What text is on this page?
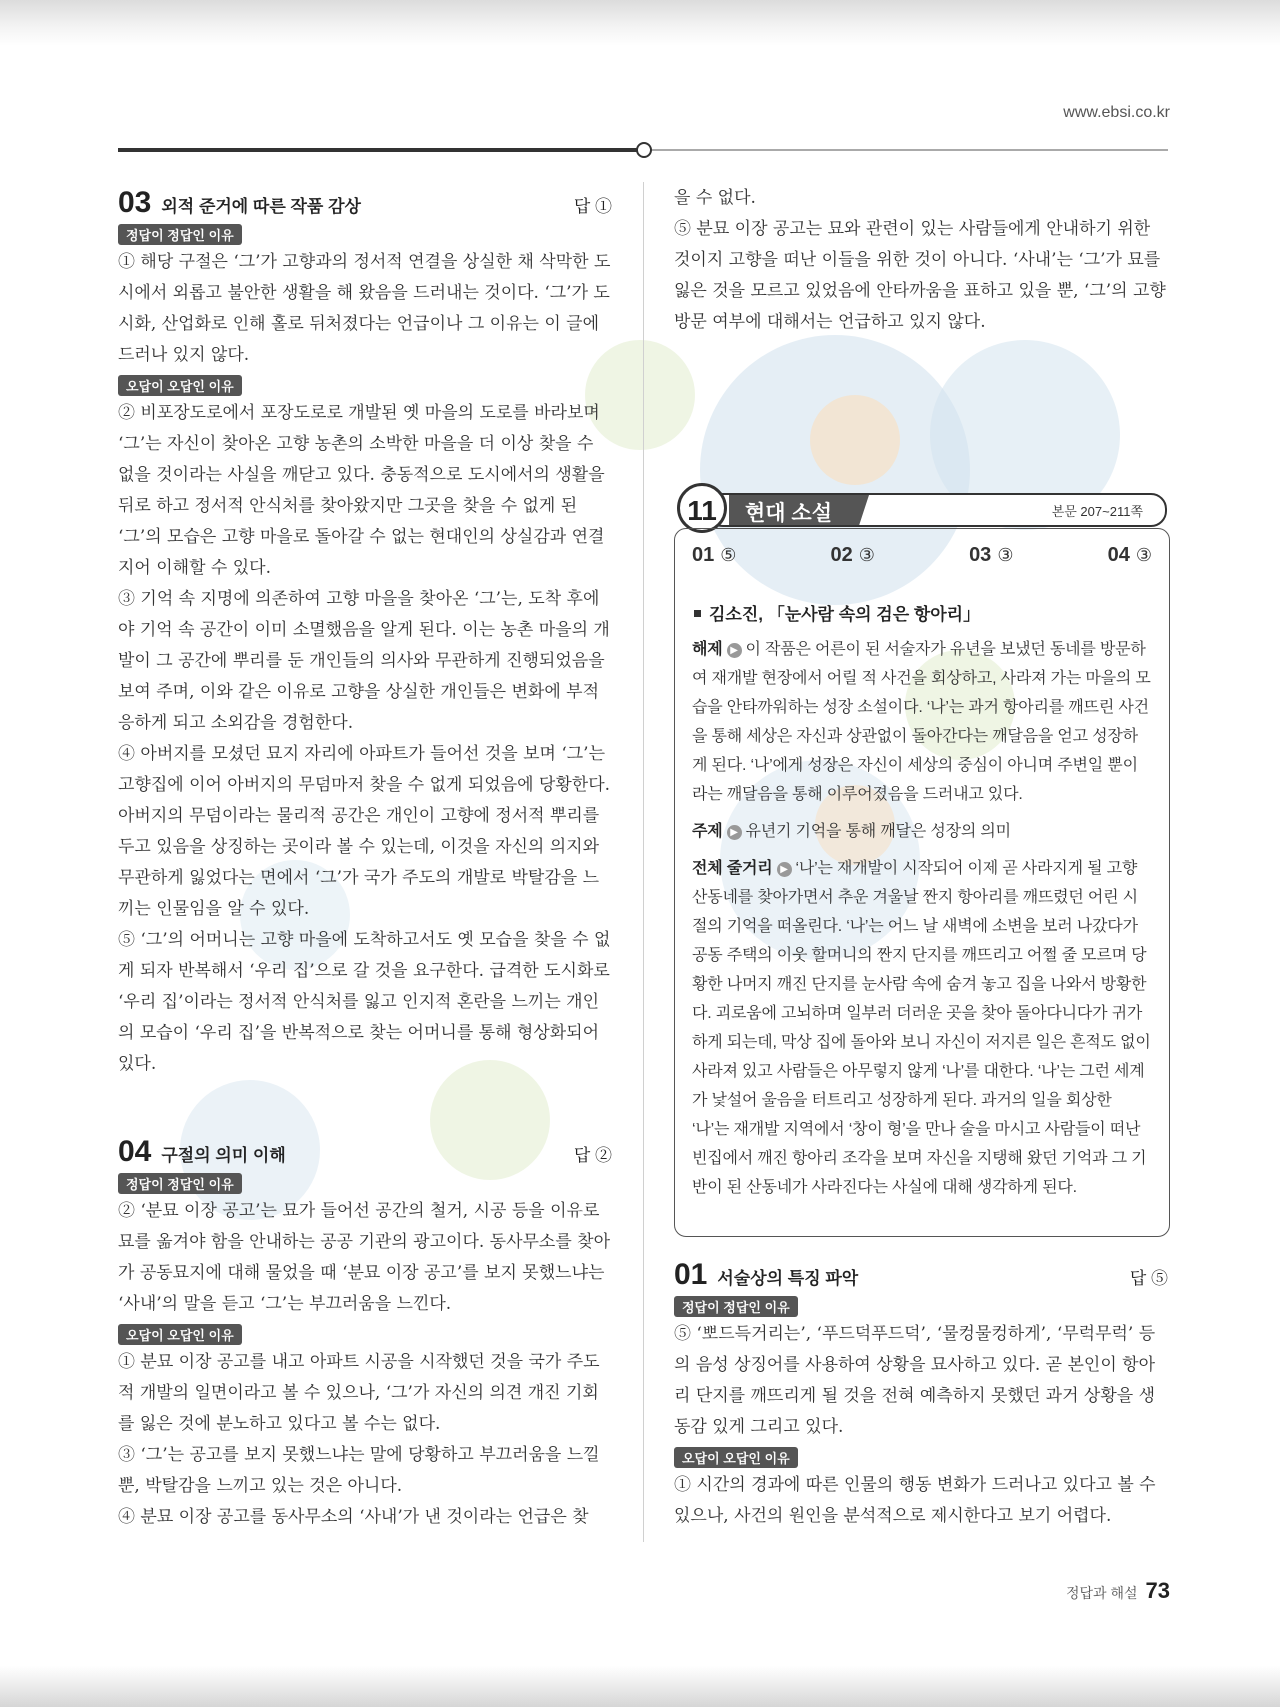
www.ebsi.co.kr
03 외적 준거에 따른 작품 감상	답 ①
정답이 정답인 이유

① 해당 구절은 ‘그’가 고향과의 정서적 연결을 상실한 채 삭막한 도시에서 외롭고 불안한 생활을 해 왔음을 드러내는 것이다. ‘그’가 도시화, 산업화로 인해 홀로 뒤처졌다는 언급이나 그 이유는 이 글에 드러나 있지 않다.

오답이 오답인 이유

② 비포장도로에서 포장도로로 개발된 옛 마을의 도로를 바라보며 ‘그’는 자신이 찾아온 고향 농촌의 소박한 마을을 더 이상 찾을 수 없을 것이라는 사실을 깨닫고 있다. 충동적으로 도시에서의 생활을 뒤로 하고 정서적 안식처를 찾아왔지만 그곳을 찾을 수 없게 된 ‘그’의 모습은 고향 마을로 돌아갈 수 없는 현대인의 상실감과 연결 지어 이해할 수 있다.

③ 기억 속 지명에 의존하여 고향 마을을 찾아온 ‘그’는, 도착 후에야 기억 속 공간이 이미 소멸했음을 알게 된다. 이는 농촌 마을의 개발이 그 공간에 뿌리를 둔 개인들의 의사와 무관하게 진행되었음을 보여 주며, 이와 같은 이유로 고향을 상실한 개인들은 변화에 부적응하게 되고 소외감을 경험한다.

④ 아버지를 모셨던 묘지 자리에 아파트가 들어선 것을 보며 ‘그’는 고향집에 이어 아버지의 무덤마저 찾을 수 없게 되었음에 당황한다. 아버지의 무덤이라는 물리적 공간은 개인이 고향에 정서적 뿌리를 두고 있음을 상징하는 곳이라 볼 수 있는데, 이것을 자신의 의지와 무관하게 잃었다는 면에서 ‘그’가 국가 주도의 개발로 박탈감을 느끼는 인물임을 알 수 있다.

⑤ ‘그’의 어머니는 고향 마을에 도착하고서도 옛 모습을 찾을 수 없게 되자 반복해서 ‘우리 집’으로 갈 것을 요구한다. 급격한 도시화로 ‘우리 집’이라는 정서적 안식처를 잃고 인지적 혼란을 느끼는 개인의 모습이 ‘우리 집’을 반복적으로 찾는 어머니를 통해 형상화되어 있다.

04 구절의 의미 이해	답 ②
정답이 정답인 이유

② ‘분묘 이장 공고’는 묘가 들어선 공간의 철거, 시공 등을 이유로 묘를 옮겨야 함을 안내하는 공공 기관의 광고이다. 동사무소를 찾아가 공동묘지에 대해 물었을 때 ‘분묘 이장 공고’를 보지 못했느냐는 ‘사내’의 말을 듣고 ‘그’는 부끄러움을 느낀다.

오답이 오답인 이유

① 분묘 이장 공고를 내고 아파트 시공을 시작했던 것을 국가 주도적 개발의 일면이라고 볼 수 있으나, ‘그’가 자신의 의견 개진 기회를 잃은 것에 분노하고 있다고 볼 수는 없다.

③ ‘그’는 공고를 보지 못했느냐는 말에 당황하고 부끄러움을 느낄 뿐, 박탈감을 느끼고 있는 것은 아니다.

④ 분묘 이장 공고를 동사무소의 ‘사내’가 낸 것이라는 언급은 찾

을 수 없다.

⑤ 분묘 이장 공고는 묘와 관련이 있는 사람들에게 안내하기 위한 것이지 고향을 떠난 이들을 위한 것이 아니다. ‘사내’는 ‘그’가 묘를 잃은 것을 모르고 있었음에 안타까움을 표하고 있을 뿐, ‘그’의 고향 방문 여부에 대해서는 언급하고 있지 않다.

11	현대 소설	본문 207~211쪽
01 ⑤	02 ③	03 ③	04 ③

김소진, 「눈사람 속의 검은 항아리」

해제 ▶ 이 작품은 어른이 된 서술자가 유년을 보냈던 동네를 방문하여 재개발 현장에서 어릴 적 사건을 회상하고, 사라져 가는 마을의 모습을 안타까워하는 성장 소설이다. ‘나’는 과거 항아리를 깨뜨린 사건을 통해 세상은 자신과 상관없이 돌아간다는 깨달음을 얻고 성장하게 된다. ‘나’에게 성장은 자신이 세상의 중심이 아니며 주변일 뿐이라는 깨달음을 통해 이루어졌음을 드러내고 있다.

주제 ▶ 유년기 기억을 통해 깨달은 성장의 의미

전체 줄거리 ▶ ‘나’는 재개발이 시작되어 이제 곧 사라지게 될 고향 산동네를 찾아가면서 추운 겨울날 짠지 항아리를 깨뜨렸던 어린 시절의 기억을 떠올린다. ‘나’는 어느 날 새벽에 소변을 보러 나갔다가 공동 주택의 이웃 할머니의 짠지 단지를 깨뜨리고 어쩔 줄 모르며 당황한 나머지 깨진 단지를 눈사람 속에 숨겨 놓고 집을 나와서 방황한다. 괴로움에 고뇌하며 일부러 더러운 곳을 찾아 돌아다니다가 귀가하게 되는데, 막상 집에 돌아와 보니 자신이 저지른 일은 흔적도 없이 사라져 있고 사람들은 아무렇지 않게 ‘나’를 대한다. ‘나’는 그런 세계가 낯설어 울음을 터트리고 성장하게 된다. 과거의 일을 회상한 ‘나’는 재개발 지역에서 ‘창이 형’을 만나 술을 마시고 사람들이 떠난 빈집에서 깨진 항아리 조각을 보며 자신을 지탱해 왔던 기억과 그 기반이 된 산동네가 사라진다는 사실에 대해 생각하게 된다.

01 서술상의 특징 파악	답 ⑤
정답이 정답인 이유

⑤ ‘뽀드득거리는’, ‘푸드덕푸드덕’, ‘물컹물컹하게’, ‘무럭무럭’ 등의 음성 상징어를 사용하여 상황을 묘사하고 있다. 곧 본인이 항아리 단지를 깨뜨리게 될 것을 전혀 예측하지 못했던 과거 상황을 생동감 있게 그리고 있다.

오답이 오답인 이유

① 시간의 경과에 따른 인물의 행동 변화가 드러나고 있다고 볼 수 있으나, 사건의 원인을 분석적으로 제시한다고 보기 어렵다.

정답과 해설 73
